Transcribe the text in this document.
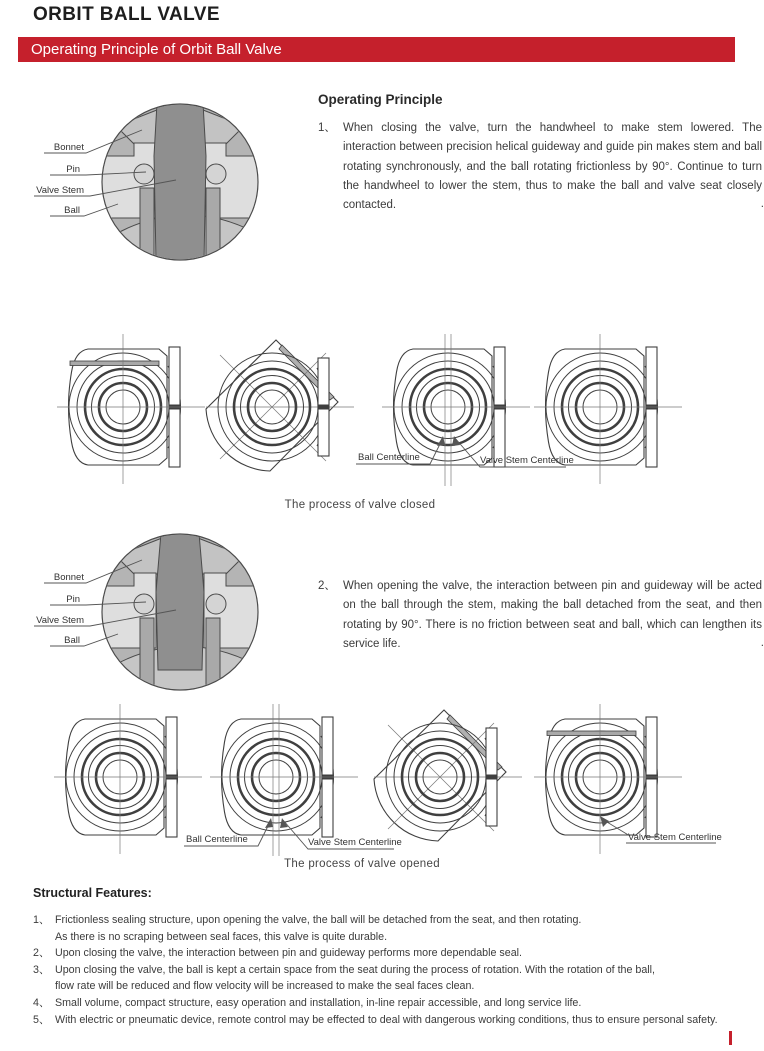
ORBIT BALL VALVE
Operating Principle of Orbit Ball Valve
Bonnet
Pin
Valve Stem
Ball
Operating Principle
1、 When closing the valve, turn the handwheel to make stem lowered. The interaction between precision helical guideway and guide pin makes stem and ball rotating synchronously, and the ball rotating frictionless by 90°. Continue to turn the handwheel to lower the stem, thus to make the ball and valve seat closely contacted.	.
Ball Centerline	Valve Stem Centerline
The process of valve closed
Bonnet
Pin
Valve Stem
Ball
2、 When opening the valve, the interaction between pin and guideway will be acted on the ball through the stem, making the ball detached from the seat, and then rotating by 90°. There is no friction between seat and ball, which can lengthen its service life.	.
Ball Centerline	Valve Stem Centerline	Valve Stem Centerline
The process of valve opened
Structural Features:
1、 Frictionless sealing structure, upon opening the valve, the ball will be detached from the seat, and then rotating.
As there is no scraping between seal faces, this valve is quite durable.
2、 Upon closing the valve, the interaction between pin and guideway performs more dependable seal.
3、 Upon closing the valve, the ball is kept a certain space from the seat during the process of rotation. With the rotation of the ball,
flow rate will be reduced and flow velocity will be increased to make the seal faces clean.
4、 Small volume, compact structure, easy operation and installation, in-line repair accessible, and long service life.
5、 With electric or pneumatic device, remote control may be effected to deal with dangerous working conditions, thus to ensure personal safety.
